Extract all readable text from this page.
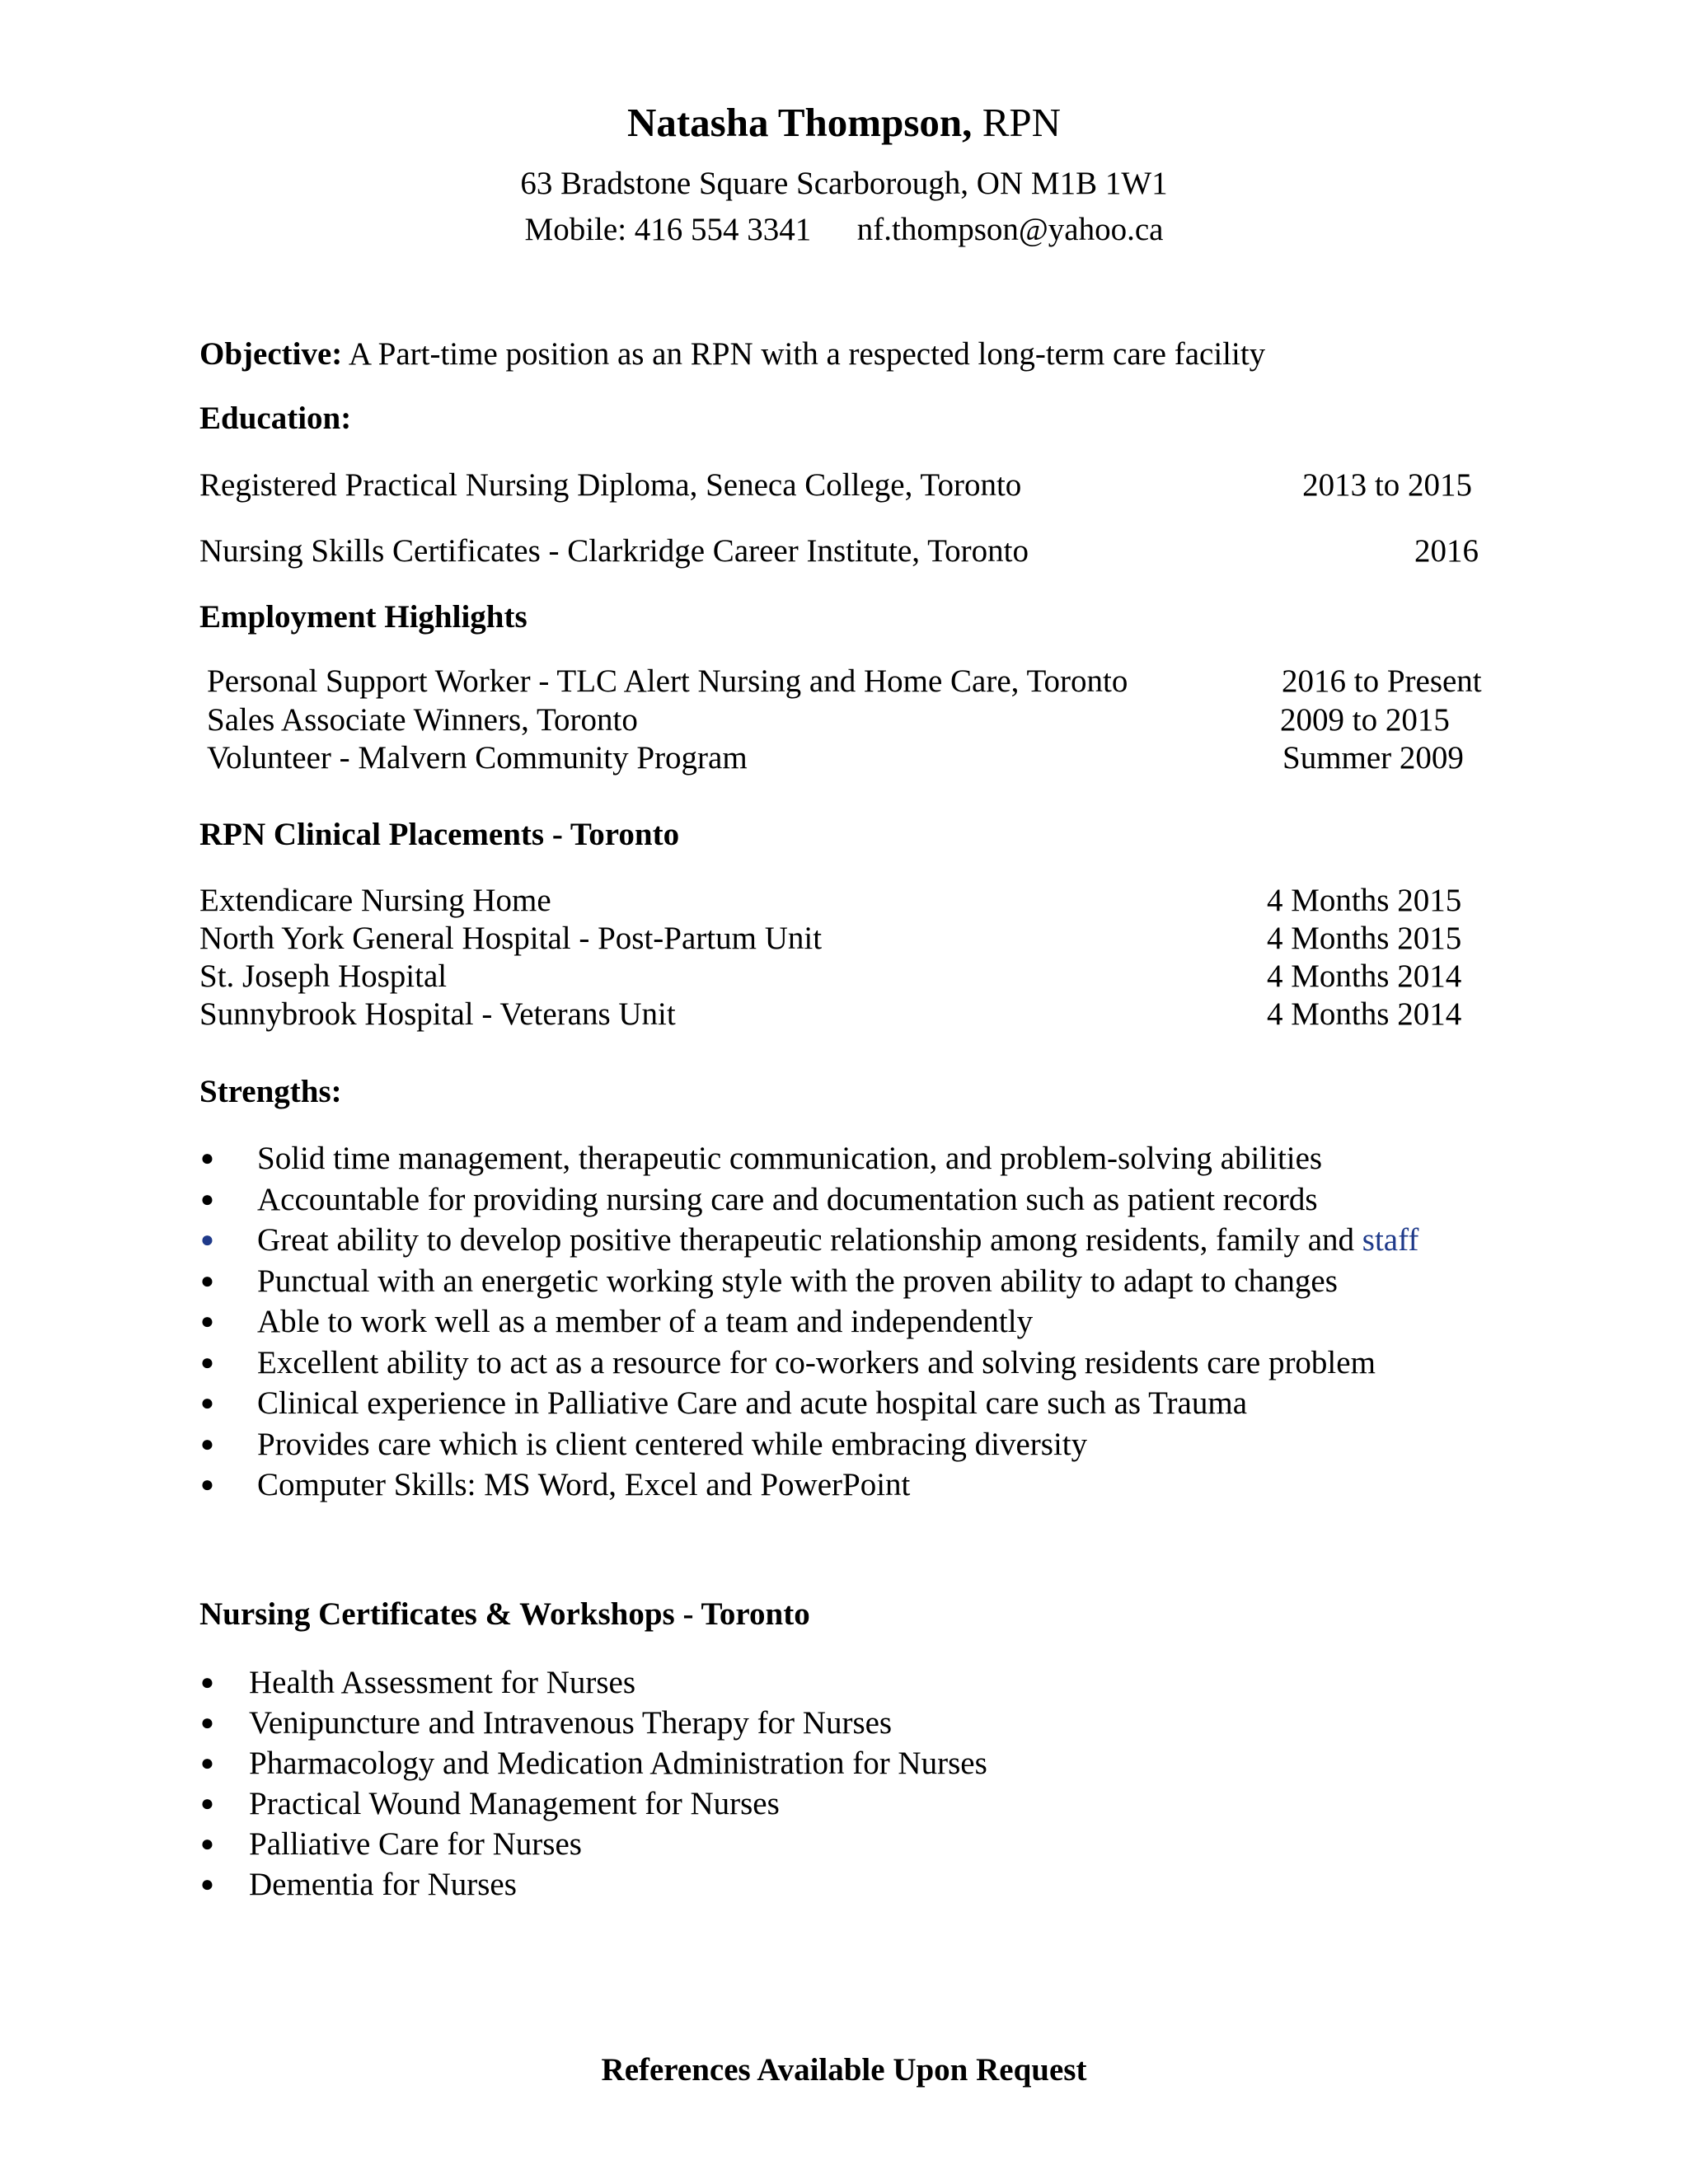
Natasha Thompson, RPN
63 Bradstone Square Scarborough, ON M1B 1W1
Mobile: 416 554 3341 nf.thompson@yahoo.ca
Objective: A Part-time position as an RPN with a respected long-term care facility
Education:
Registered Practical Nursing Diploma, Seneca College, Toronto	2013 to 2015
Nursing Skills Certificates - Clarkridge Career Institute, Toronto	2016
Employment Highlights
Personal Support Worker - TLC Alert Nursing and Home Care, Toronto	2016 to Present
Sales Associate Winners, Toronto	2009 to 2015
Volunteer - Malvern Community Program	Summer 2009
RPN Clinical Placements - Toronto
Extendicare Nursing Home	4 Months 2015
North York General Hospital - Post-Partum Unit	4 Months 2015
St. Joseph Hospital	4 Months 2014
Sunnybrook Hospital - Veterans Unit	4 Months 2014
Strengths:
● Solid time management, therapeutic communication, and problem-solving abilities
● Accountable for providing nursing care and documentation such as patient records
● Great ability to develop positive therapeutic relationship among residents, family and staff
● Punctual with an energetic working style with the proven ability to adapt to changes
● Able to work well as a member of a team and independently
● Excellent ability to act as a resource for co-workers and solving residents care problem
● Clinical experience in Palliative Care and acute hospital care such as Trauma
● Provides care which is client centered while embracing diversity
● Computer Skills: MS Word, Excel and PowerPoint
Nursing Certificates & Workshops - Toronto
● Health Assessment for Nurses
● Venipuncture and Intravenous Therapy for Nurses
● Pharmacology and Medication Administration for Nurses
● Practical Wound Management for Nurses
● Palliative Care for Nurses
● Dementia for Nurses
References Available Upon Request
